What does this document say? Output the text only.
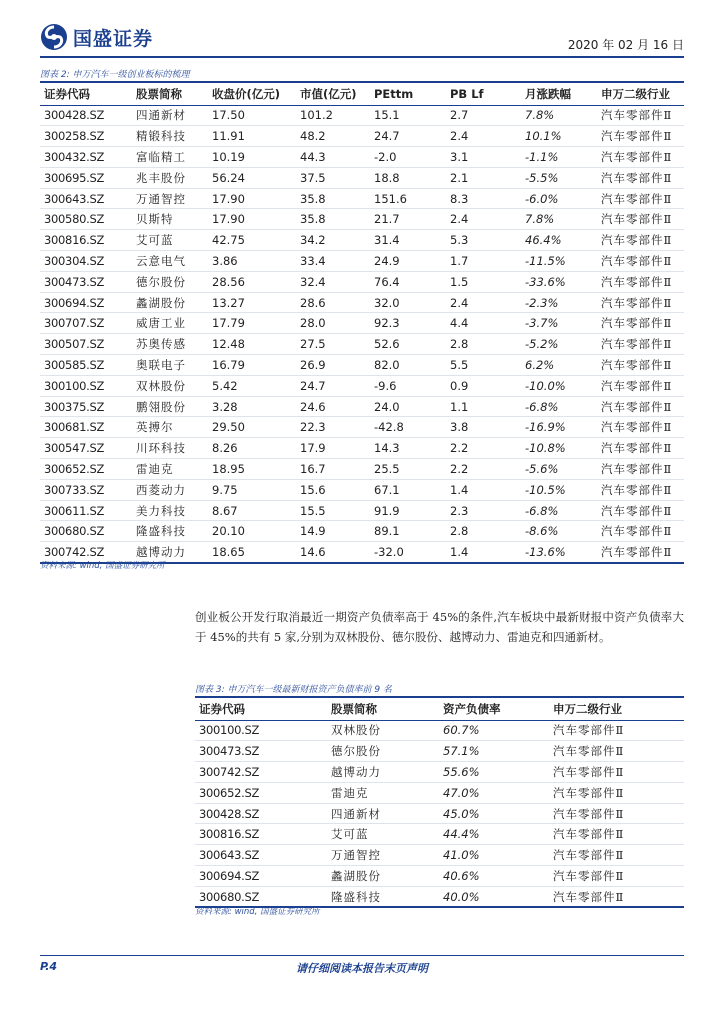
国盛证券	2020 年 02 月 16 日
图表 2: 申万汽车一级创业板标的梳理
证券代码	股票简称	收盘价(亿元)	市值(亿元)	PEttm	PB Lf	月涨跌幅	申万二级行业
300428.SZ	四通新材	17.50	101.2	15.1	2.7	7.8%	汽车零部件Ⅱ
300258.SZ	精锻科技	11.91	48.2	24.7	2.4	10.1%	汽车零部件Ⅱ
300432.SZ	富临精工	10.19	44.3	-2.0	3.1	-1.1%	汽车零部件Ⅱ
300695.SZ	兆丰股份	56.24	37.5	18.8	2.1	-5.5%	汽车零部件Ⅱ
300643.SZ	万通智控	17.90	35.8	151.6	8.3	-6.0%	汽车零部件Ⅱ
300580.SZ	贝斯特	17.90	35.8	21.7	2.4	7.8%	汽车零部件Ⅱ
300816.SZ	艾可蓝	42.75	34.2	31.4	5.3	46.4%	汽车零部件Ⅱ
300304.SZ	云意电气	3.86	33.4	24.9	1.7	-11.5%	汽车零部件Ⅱ
300473.SZ	德尔股份	28.56	32.4	76.4	1.5	-33.6%	汽车零部件Ⅱ
300694.SZ	蠡湖股份	13.27	28.6	32.0	2.4	-2.3%	汽车零部件Ⅱ
300707.SZ	威唐工业	17.79	28.0	92.3	4.4	-3.7%	汽车零部件Ⅱ
300507.SZ	苏奥传感	12.48	27.5	52.6	2.8	-5.2%	汽车零部件Ⅱ
300585.SZ	奥联电子	16.79	26.9	82.0	5.5	6.2%	汽车零部件Ⅱ
300100.SZ	双林股份	5.42	24.7	-9.6	0.9	-10.0%	汽车零部件Ⅱ
300375.SZ	鹏翎股份	3.28	24.6	24.0	1.1	-6.8%	汽车零部件Ⅱ
300681.SZ	英搏尔	29.50	22.3	-42.8	3.8	-16.9%	汽车零部件Ⅱ
300547.SZ	川环科技	8.26	17.9	14.3	2.2	-10.8%	汽车零部件Ⅱ
300652.SZ	雷迪克	18.95	16.7	25.5	2.2	-5.6%	汽车零部件Ⅱ
300733.SZ	西菱动力	9.75	15.6	67.1	1.4	-10.5%	汽车零部件Ⅱ
300611.SZ	美力科技	8.67	15.5	91.9	2.3	-6.8%	汽车零部件Ⅱ
300680.SZ	隆盛科技	20.10	14.9	89.1	2.8	-8.6%	汽车零部件Ⅱ
300742.SZ	越博动力	18.65	14.6	-32.0	1.4	-13.6%	汽车零部件Ⅱ
资料来源: wind, 国盛证券研究所
创业板公开发行取消最近一期资产负债率高于 45%的条件,汽车板块中最新财报中资产负债率大于 45%的共有 5 家,分别为双林股份、德尔股份、越博动力、雷迪克和四通新材。
图表 3: 申万汽车一级最新财报资产负债率前 9 名
证券代码	股票简称	资产负债率	申万二级行业
300100.SZ	双林股份	60.7%	汽车零部件Ⅱ
300473.SZ	德尔股份	57.1%	汽车零部件Ⅱ
300742.SZ	越博动力	55.6%	汽车零部件Ⅱ
300652.SZ	雷迪克	47.0%	汽车零部件Ⅱ
300428.SZ	四通新材	45.0%	汽车零部件Ⅱ
300816.SZ	艾可蓝	44.4%	汽车零部件Ⅱ
300643.SZ	万通智控	41.0%	汽车零部件Ⅱ
300694.SZ	蠡湖股份	40.6%	汽车零部件Ⅱ
300680.SZ	隆盛科技	40.0%	汽车零部件Ⅱ
资料来源: wind, 国盛证券研究所
P.4	请仔细阅读本报告末页声明
